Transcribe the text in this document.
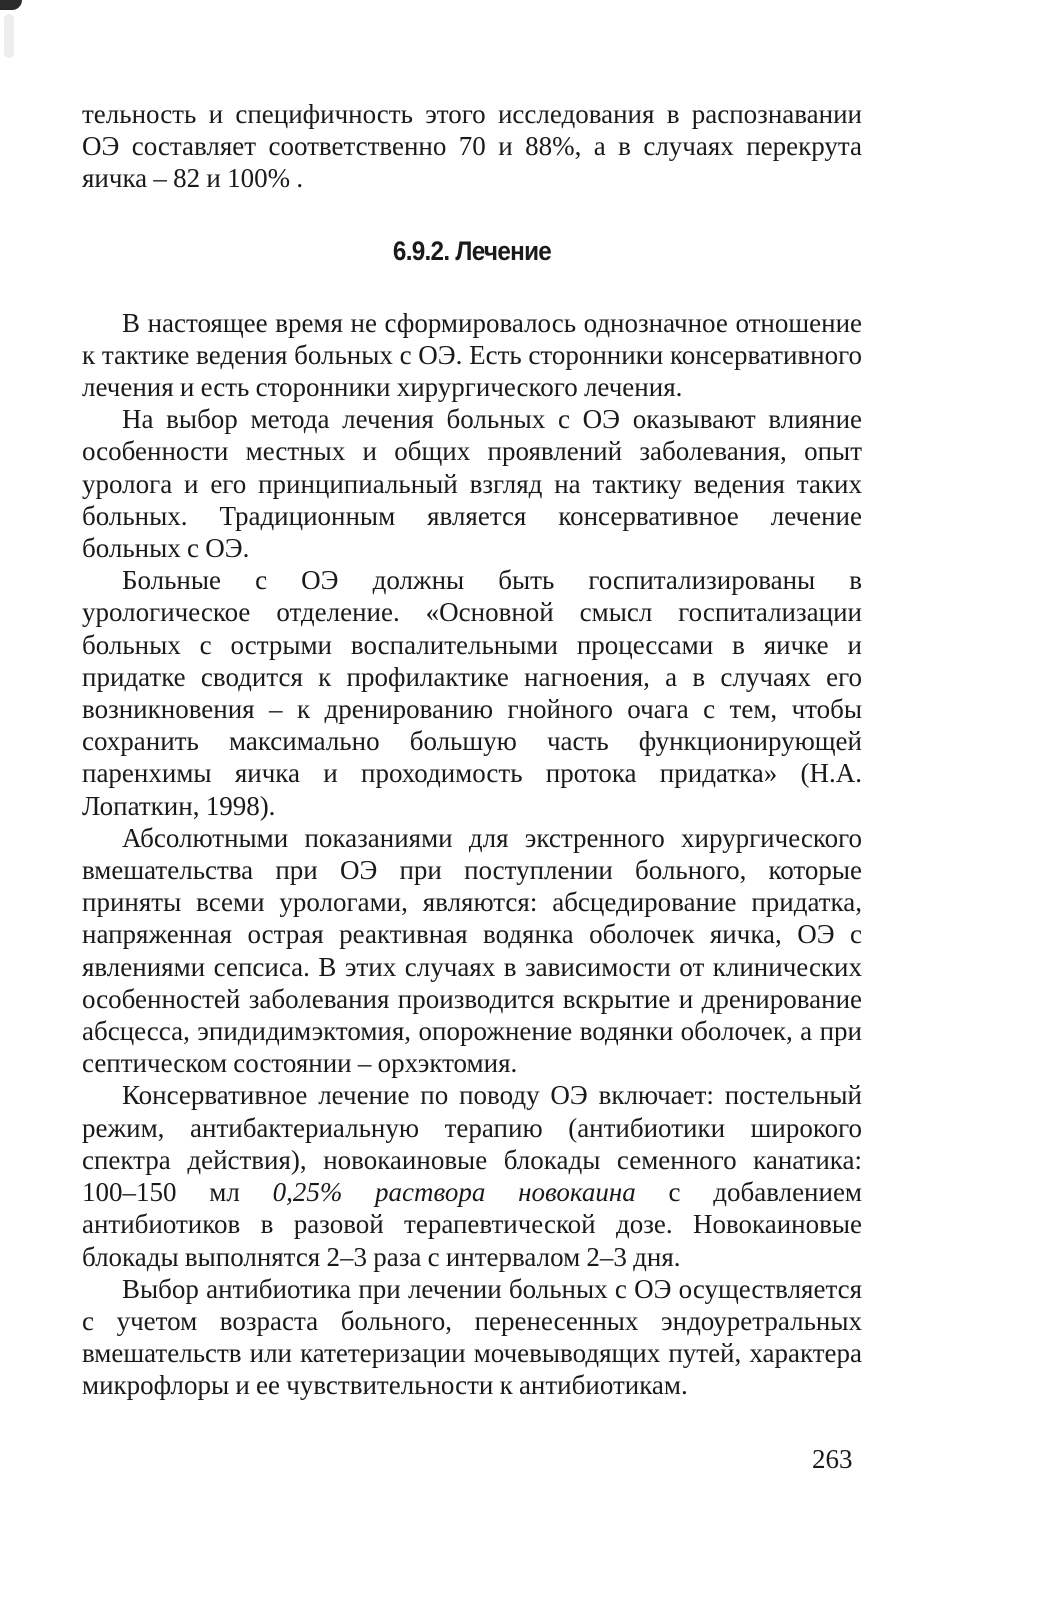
тельность и специфичность этого исследования в распознавании ОЭ составляет соответственно 70 и 88%, а в случаях перекрута яичка – 82 и 100% .

6.9.2. Лечение

В настоящее время не сформировалось однозначное отношение к тактике ведения больных с ОЭ. Есть сторонники консервативного лечения и есть сторонники хирургического лечения.

На выбор метода лечения больных с ОЭ оказывают влияние особенности местных и общих проявлений заболевания, опыт уролога и его принципиальный взгляд на тактику ведения таких больных. Традиционным является консервативное лечение больных с ОЭ.

Больные с ОЭ должны быть госпитализированы в урологическое отделение. «Основной смысл госпитализации больных с острыми воспалительными процессами в яичке и придатке сводится к профилактике нагноения, а в случаях его возникновения – к дренированию гнойного очага с тем, чтобы сохранить максимально большую часть функционирующей паренхимы яичка и проходимость протока придатка» (Н.А. Лопаткин, 1998).

Абсолютными показаниями для экстренного хирургического вмешательства при ОЭ при поступлении больного, которые приняты всеми урологами, являются: абсцедирование придатка, напряженная острая реактивная водянка оболочек яичка, ОЭ с явлениями сепсиса. В этих случаях в зависимости от клинических особенностей заболевания производится вскрытие и дренирование абсцесса, эпидидимэктомия, опорожнение водянки оболочек, а при септическом состоянии – орхэктомия.

Консервативное лечение по поводу ОЭ включает: постельный режим, антибактериальную терапию (антибиотики широкого спектра действия), новокаиновые блокады семенного канатика: 100–150 мл 0,25% раствора новокаина с добавлением антибиотиков в разовой терапевтической дозе. Новокаиновые блокады выполнятся 2–3 раза с интервалом 2–3 дня.

Выбор антибиотика при лечении больных с ОЭ осуществляется с учетом возраста больного, перенесенных эндоуретральных вмешательств или катетеризации мочевыводящих путей, характера микрофлоры и ее чувствительности к антибиотикам.

263
